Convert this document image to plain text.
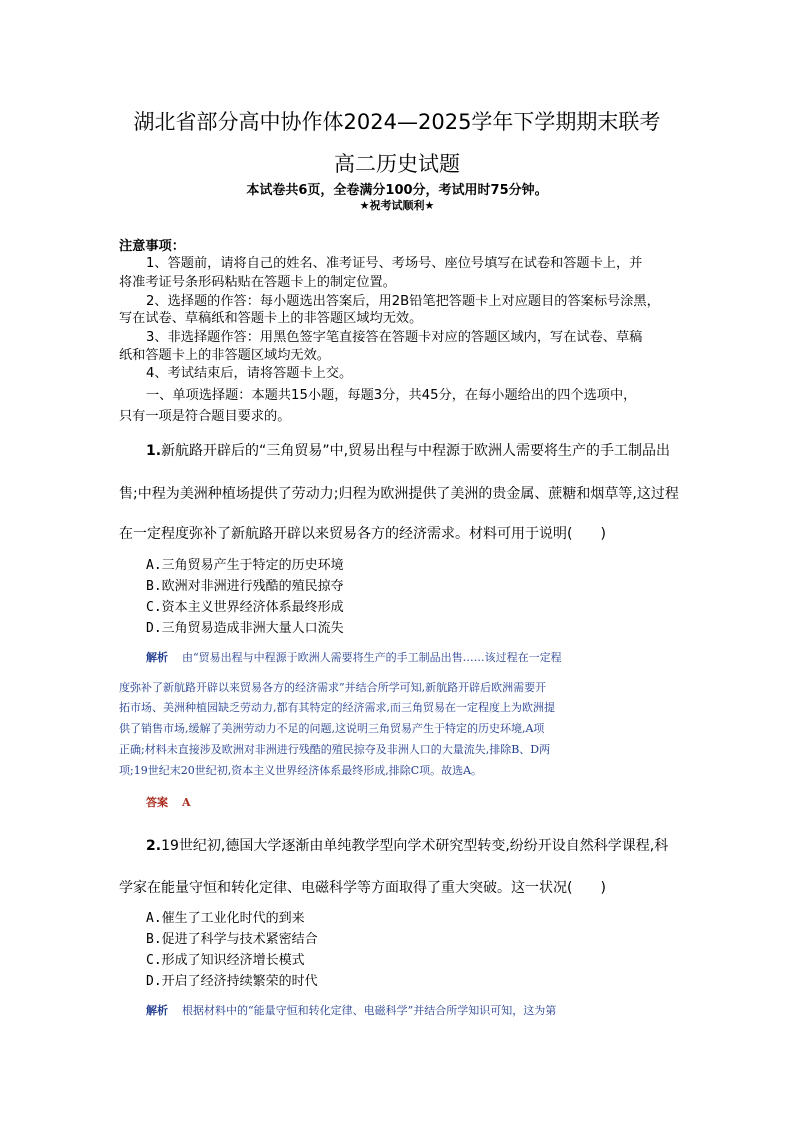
湖北省部分高中协作体2024—2025学年下学期期末联考
高二历史试题
本试卷共6页，全卷满分100分，考试用时75分钟。
★祝考试顺利★
注意事项：
1、答题前，请将自己的姓名、准考证号、考场号、座位号填写在试卷和答题卡上，并
将准考证号条形码粘贴在答题卡上的制定位置。
2、选择题的作答：每小题选出答案后，用2B铅笔把答题卡上对应题目的答案标号涂黑，
写在试卷、草稿纸和答题卡上的非答题区域均无效。
3、非选择题作答：用黑色签字笔直接答在答题卡对应的答题区域内，写在试卷、草稿
纸和答题卡上的非答题区域均无效。
4、考试结束后，请将答题卡上交。
一、单项选择题：本题共15小题，每题3分，共45分，在每小题给出的四个选项中，
只有一项是符合题目要求的。
1.新航路开辟后的“三角贸易”中,贸易出程与中程源于欧洲人需要将生产的手工制品出
售;中程为美洲种植场提供了劳动力;归程为欧洲提供了美洲的贵金属、蔗糖和烟草等,这过程
在一定程度弥补了新航路开辟以来贸易各方的经济需求。材料可用于说明(　　)
A.三角贸易产生于特定的历史环境
B.欧洲对非洲进行残酷的殖民掠夺
C.资本主义世界经济体系最终形成
D.三角贸易造成非洲大量人口流失
解析 由“贸易出程与中程源于欧洲人需要将生产的手工制品出售……该过程在一定程
度弥补了新航路开辟以来贸易各方的经济需求”并结合所学可知,新航路开辟后欧洲需要开
拓市场、美洲种植园缺乏劳动力,都有其特定的经济需求,而三角贸易在一定程度上为欧洲提
供了销售市场,缓解了美洲劳动力不足的问题,这说明三角贸易产生于特定的历史环境,A项
正确;材料未直接涉及欧洲对非洲进行残酷的殖民掠夺及非洲人口的大量流失,排除B、D两
项;19世纪末20世纪初,资本主义世界经济体系最终形成,排除C项。故选A。
答案 A
2.19世纪初,德国大学逐渐由单纯教学型向学术研究型转变,纷纷开设自然科学课程,科
学家在能量守恒和转化定律、电磁科学等方面取得了重大突破。这一状况(　　)
A.催生了工业化时代的到来
B.促进了科学与技术紧密结合
C.形成了知识经济增长模式
D.开启了经济持续繁荣的时代
解析 根据材料中的“能量守恒和转化定律、电磁科学”并结合所学知识可知，这为第
